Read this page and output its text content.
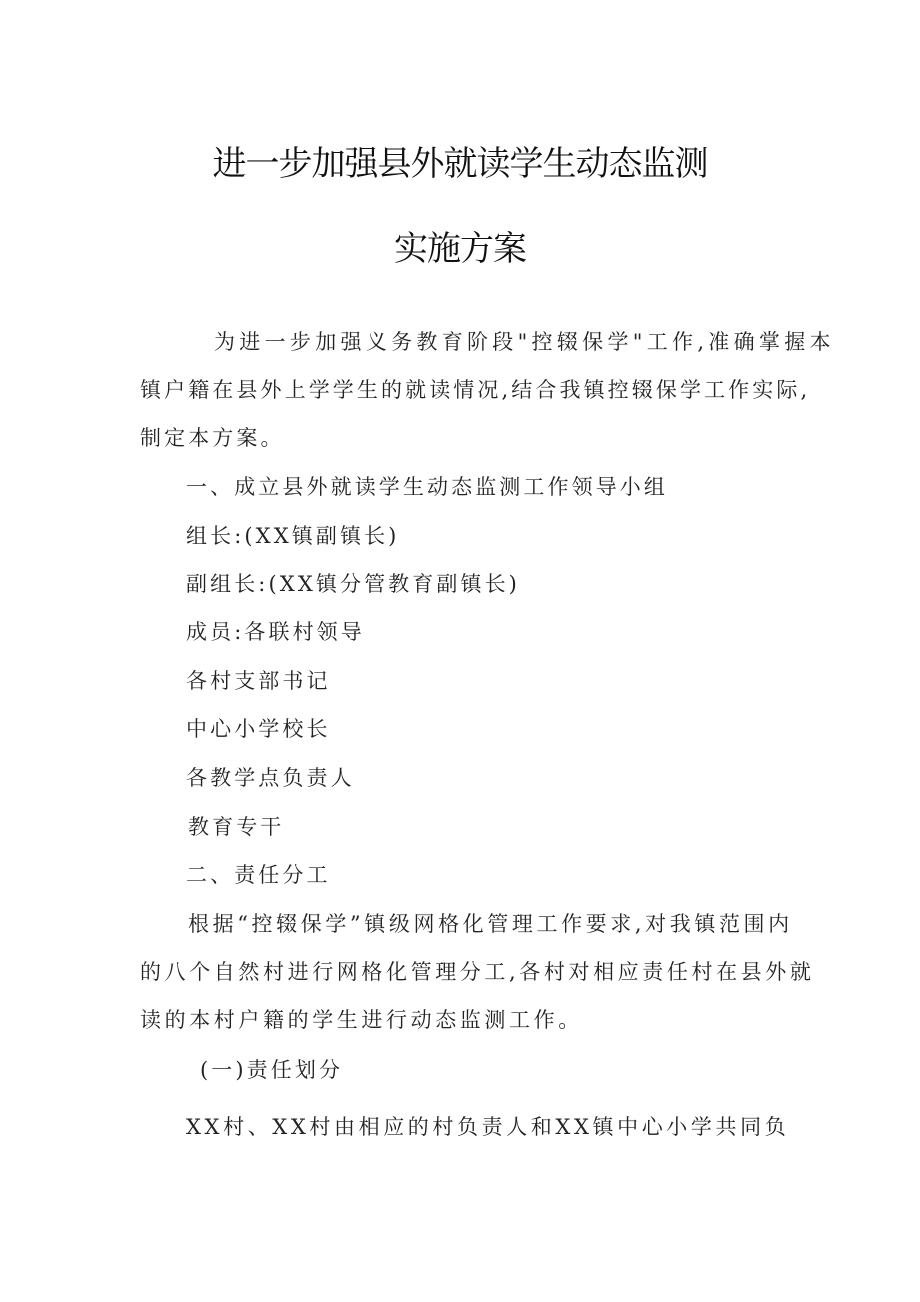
进一步加强县外就读学生动态监测
实施方案
为进一步加强义务教育阶段"控辍保学"工作,准确掌握本
镇户籍在县外上学学生的就读情况,结合我镇控辍保学工作实际,
制定本方案。
一、成立县外就读学生动态监测工作领导小组
组长:(XX镇副镇长)
副组长:(XX镇分管教育副镇长)
成员:各联村领导
各村支部书记
中心小学校长
各教学点负责人
教育专干
二、责任分工
根据“控辍保学”镇级网格化管理工作要求,对我镇范围内
的八个自然村进行网格化管理分工,各村对相应责任村在县外就
读的本村户籍的学生进行动态监测工作。
(一)责任划分
XX村、XX村由相应的村负责人和XX镇中心小学共同负
